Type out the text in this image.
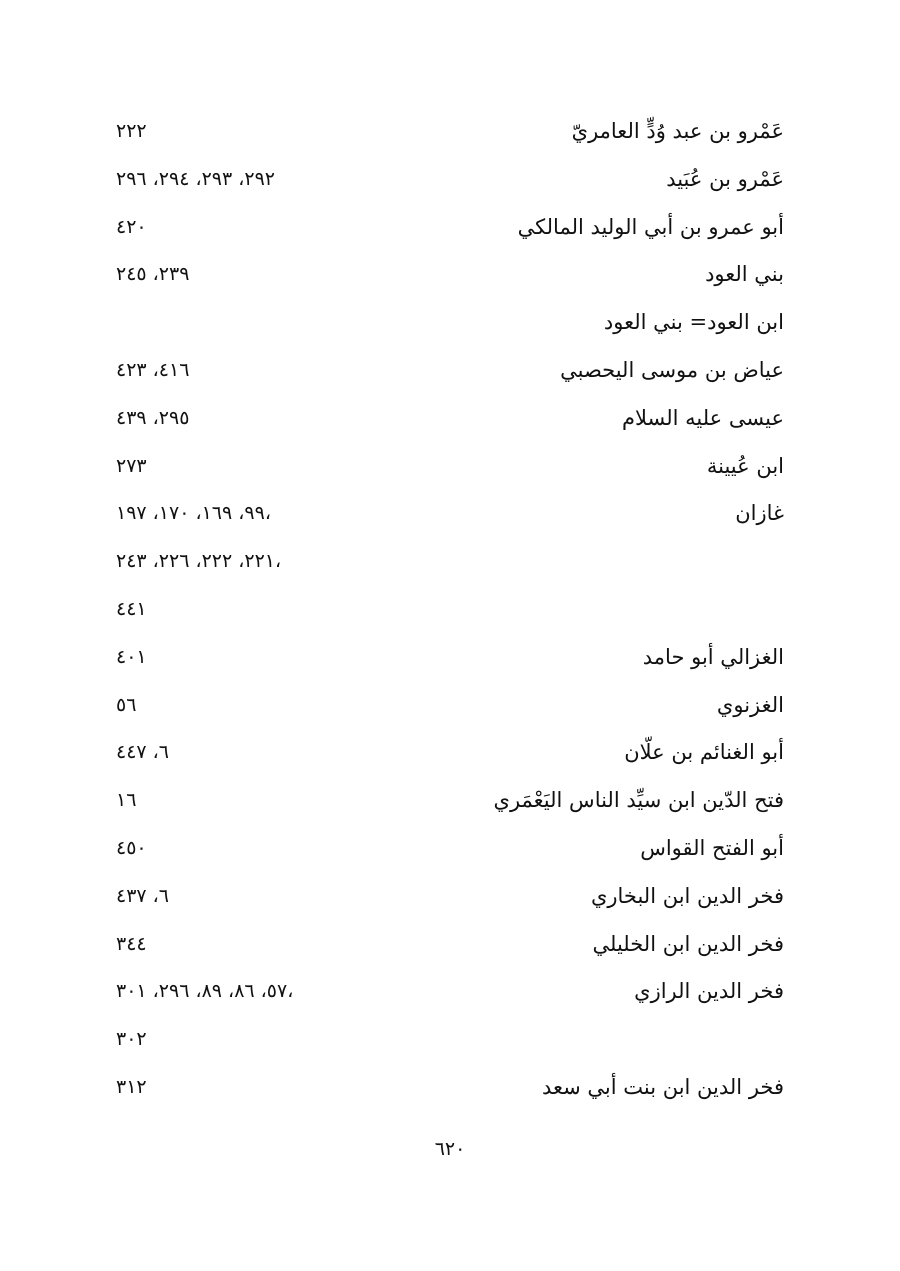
عَمْرو بن عبد وُدٍّ العامريّ
٢٢٢
عَمْرو بن عُبَيد
٢٩٢، ٢٩٣، ٢٩٤، ٢٩٦
أبو عمرو بن أبي الوليد المالكي
٤٢٠
بني العود
٢٣٩، ٢٤٥
ابن العود= بني العود
عياض بن موسى اليحصبي
٤١٦، ٤٢٣
عيسى عليه السلام
٢٩٥، ٤٣٩
ابن عُيينة
٢٧٣
غازان
٩٩، ١٦٩، ١٧٠، ١٩٧،
٢٢١، ٢٢٢، ٢٢٦، ٢٤٣،
٤٤١
الغزالي أبو حامد
٤٠١
الغزنوي
٥٦
أبو الغنائم بن علّان
٦، ٤٤٧
فتح الدّين ابن سيِّد الناس اليَعْمَري
١٦
أبو الفتح القواس
٤٥٠
فخر الدين ابن البخاري
٦، ٤٣٧
فخر الدين ابن الخليلي
٣٤٤
فخر الدين الرازي
٥٧، ٨٦، ٨٩، ٢٩٦، ٣٠١،
٣٠٢
فخر الدين ابن بنت أبي سعد
٣١٢
٦٢٠
